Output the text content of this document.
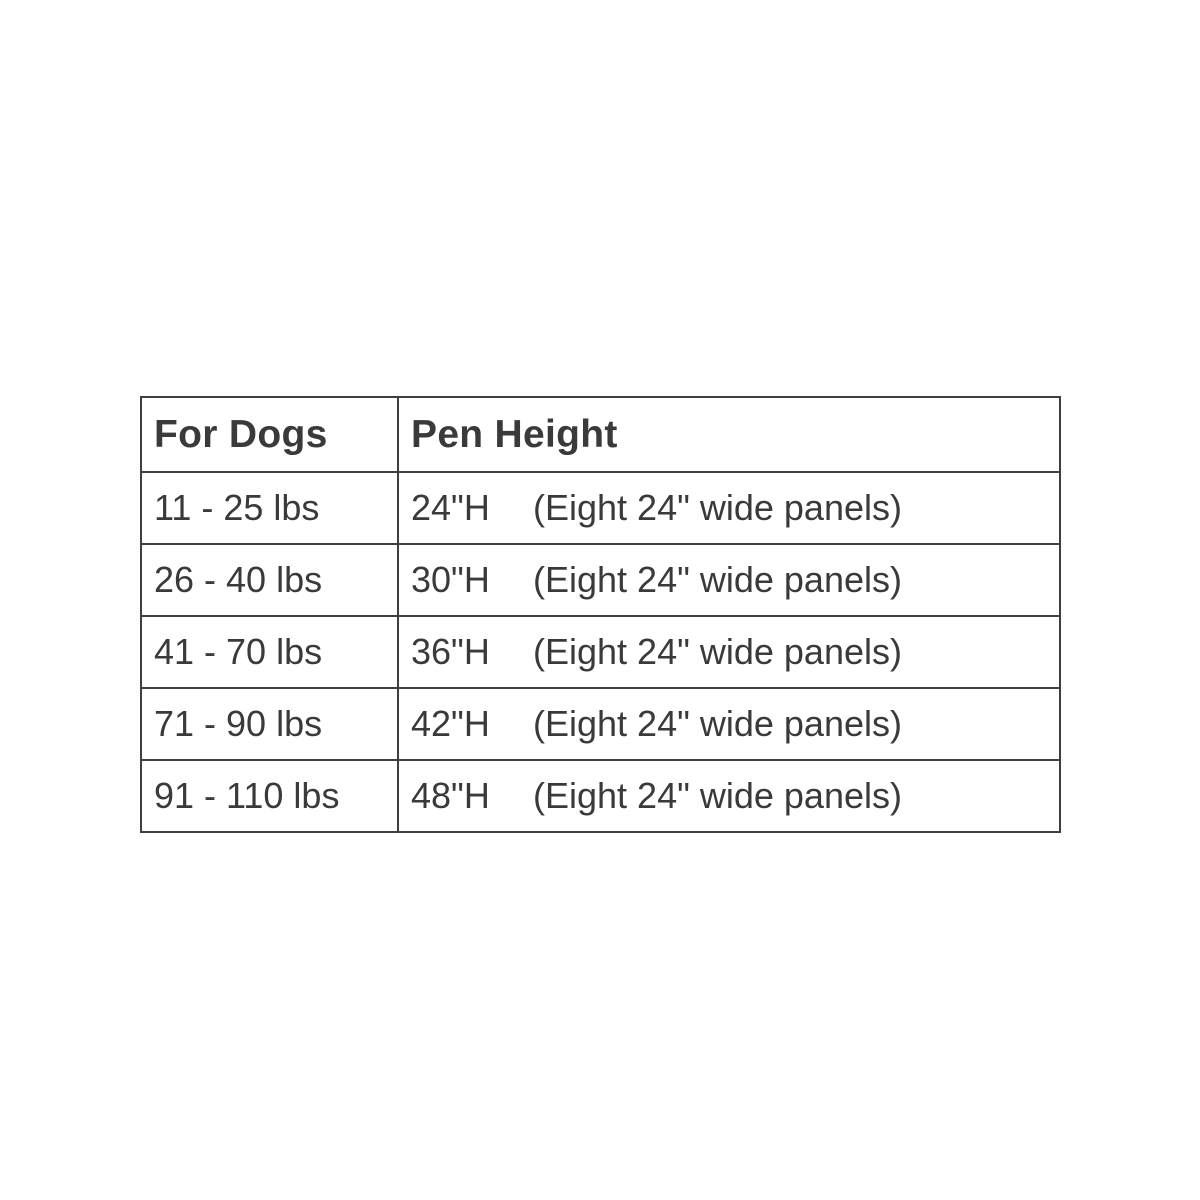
For Dogs	Pen Height
11 - 25 lbs	24"H (Eight 24" wide panels)
26 - 40 lbs	30"H (Eight 24" wide panels)
41 - 70 lbs	36"H (Eight 24" wide panels)
71 - 90 lbs	42"H (Eight 24" wide panels)
91 - 110 lbs	48"H (Eight 24" wide panels)
